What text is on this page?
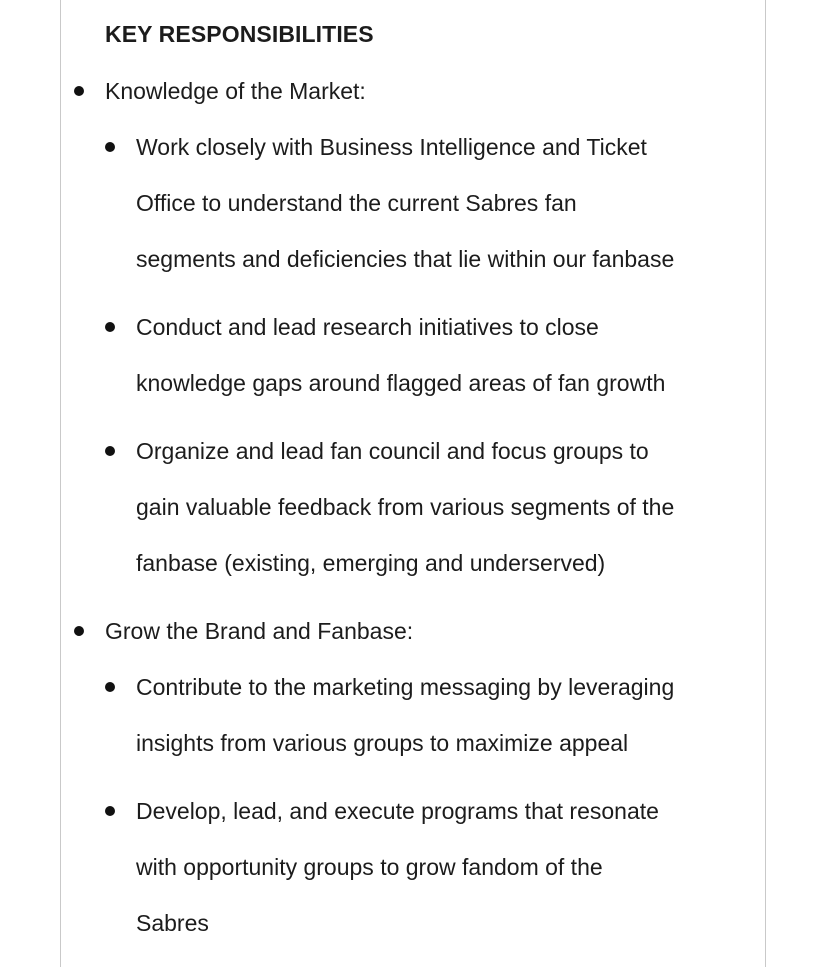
KEY RESPONSIBILITIES
Knowledge of the Market:
Work closely with Business Intelligence and Ticket
Office to understand the current Sabres fan
segments and deficiencies that lie within our fanbase
Conduct and lead research initiatives to close
knowledge gaps around flagged areas of fan growth
Organize and lead fan council and focus groups to
gain valuable feedback from various segments of the
fanbase (existing, emerging and underserved)
Grow the Brand and Fanbase:
Contribute to the marketing messaging by leveraging
insights from various groups to maximize appeal
Develop, lead, and execute programs that resonate
with opportunity groups to grow fandom of the
Sabres
